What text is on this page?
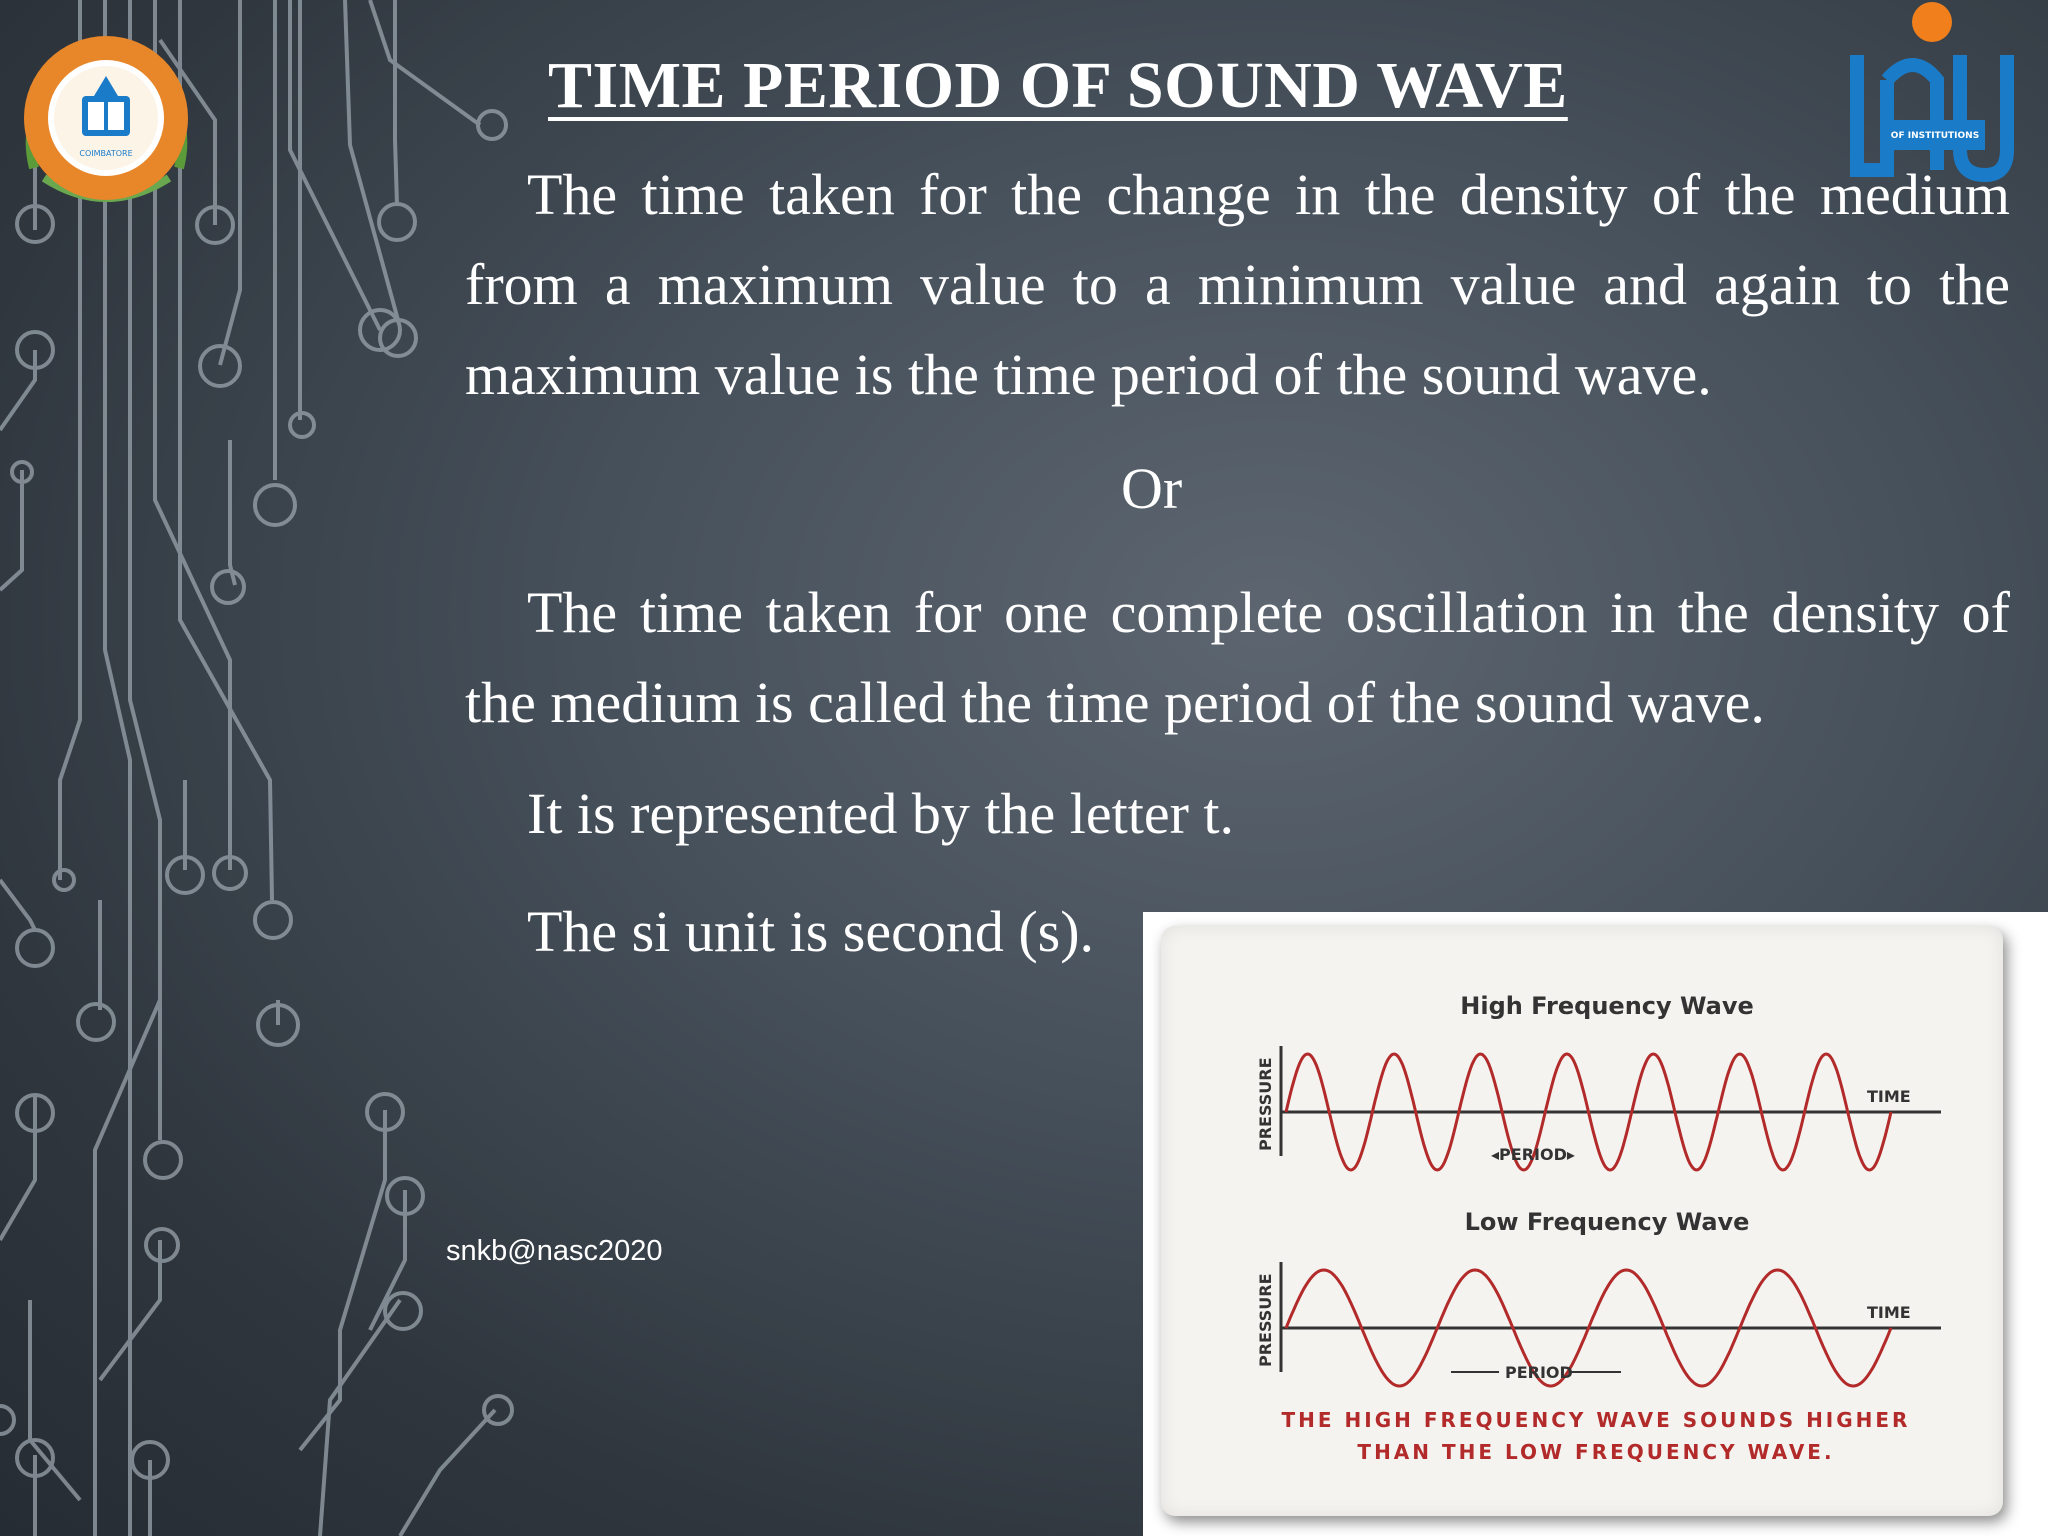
COIMBATORE
OF INSTITUTIONS
TIME PERIOD OF SOUND WAVE
The time taken for the change in the density of the medium from a maximum value to a minimum value and again to the maximum value is the time period of the sound wave.
Or
The time taken for one complete oscillation in the density of the medium is called the time period of the sound wave.
It is represented by the letter t.
The si unit is second (s).
snkb@nasc2020
High Frequency Wave
PRESSURE	TIME
◂PERIOD▸
Low Frequency Wave
PRESSURE	TIME
PERIOD
THE HIGH FREQUENCY WAVE SOUNDS HIGHER
THAN THE LOW FREQUENCY WAVE.
